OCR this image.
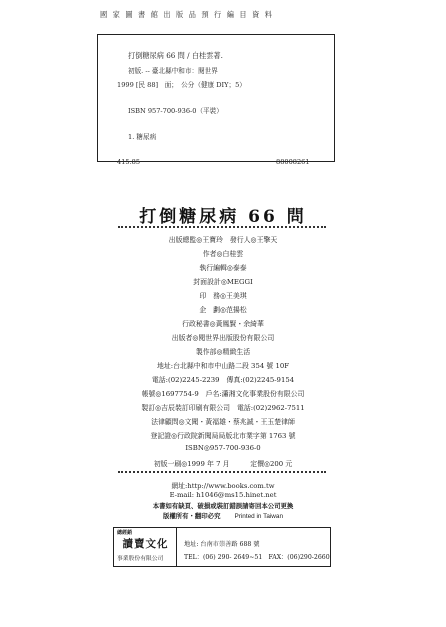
國 家 圖 書 館 出 版 品 預 行 編 目 資 料
打倒糖尿病 66 問 / 白桂雲著.
初版. -- 臺北縣中和市：閱世界
1999 [民 88]　面；　公分（健康 DIY；5）
ISBN 957-700-936-0（平裝）
1. 糖尿病
415.85	88008261
打倒糖尿病 66 問
出版總監◎王寶玲　發行人◎王擎天
作者◎白桂雲
執行編輯◎泰泰
封面設計◎MEGGI
印　務◎王美琪
企　劃◎范揚松
行政秘書◎黃鳳賢・余綺華
出版者◎閱世界出版股份有限公司
製作部◎精緻生活
地址:台北縣中和市中山路二段 354 號 10F
電話:(02)2245-2239　傳真:(02)2245-9154
帳號◎1697754-9　戶名:瀟湘文化事業股份有限公司
製訂◎吉辰裝訂印刷有限公司　電話:(02)2962-7511
法律顧問◎文聞・黃福雄・蔡兆誠・王玉楚律師
登記證◎行政院新聞局局版北市業字第 1763 號
ISBN◎957-700-936-0
初版一刷◎1999 年 7 月　　　定價◎200 元
網址:http://www.books.com.tw
E-mail: h1046@ms15.hinet.net
本書如有缺頁、破損或裝訂錯誤請寄回本公司更換
版權所有・翻印必究 Printed in Taiwan
總經銷
讀賣文化
事業股份有限公司
地址: 台南市崇善路 688 號
TEL：(06) 290- 2649~51　FAX：(06)290-2660
